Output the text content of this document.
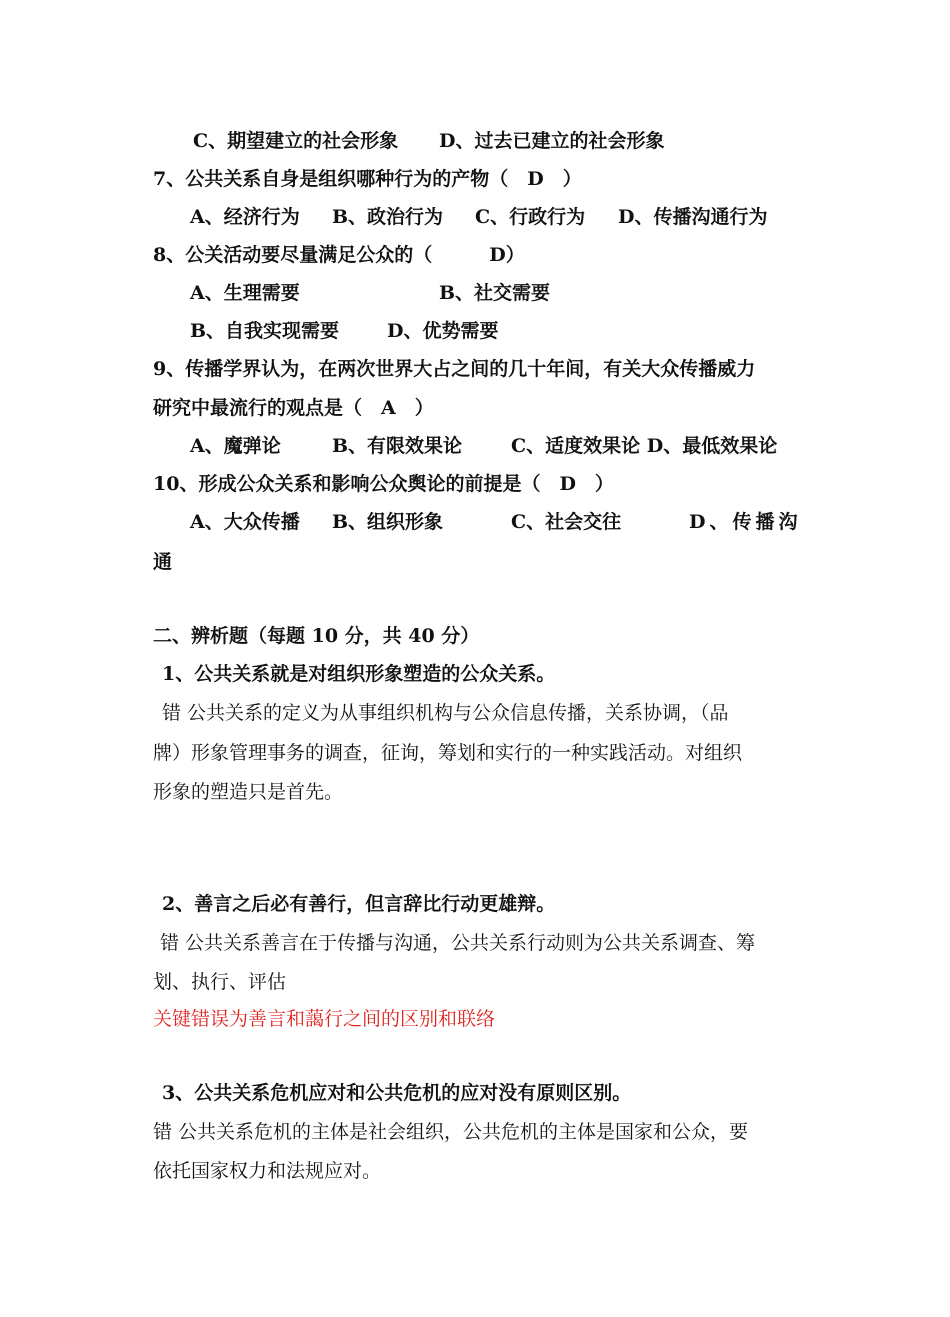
C、期望建立的社会形象 D、过去已建立的社会形象
7、公共关系自身是组织哪种行为的产物（　D　）
A、经济行为 B、政治行为 C、行政行为 D、传播沟通行为
8、公关活动要尽量满足公众的（　　　D）
A、生理需要	B、社交需要
B、自我实现需要	D、优势需要
9、传播学界认为，在两次世界大占之间的几十年间，有关大众传播威力
研究中最流行的观点是（　A　）
A、魔弹论	B、有限效果论	C、适度效果论 D、最低效果论
10、形成公众关系和影响公众舆论的前提是（　D　）
A、大众传播 B、组织形象	C、社会交往	D、传播沟
通
二、辨析题（每题 10 分，共 40 分）
1、公共关系就是对组织形象塑造的公众关系。
错 公共关系的定义为从事组织机构与公众信息传播，关系协调，（品
牌）形象管理事务的调查，征询，筹划和实行的一种实践活动。对组织
形象的塑造只是首先。
2、善言之后必有善行，但言辞比行动更雄辩。
错 公共关系善言在于传播与沟通，公共关系行动则为公共关系调查、筹
划、执行、评估
关键错误为善言和藹行之间的区别和联络
3、公共关系危机应对和公共危机的应对没有原则区别。
错 公共关系危机的主体是社会组织，公共危机的主体是国家和公众，要
依托国家权力和法规应对。
